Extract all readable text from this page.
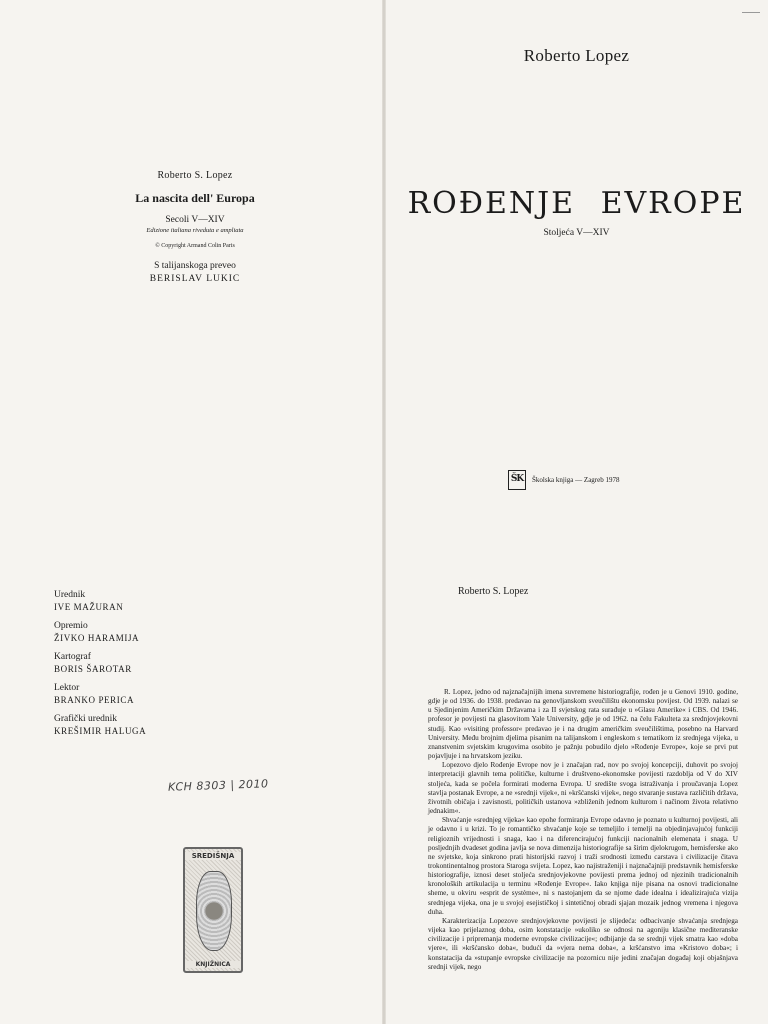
Roberto S. Lopez

La nascita dell' Europa

Secoli V—XIV

Edizione italiana riveduta e ampliata

© Copyright Armand Colin Paris

S talijanskoga preveo

BERISLAV LUKIC

Urednik
IVE MAŽURAN
Opremio
ŽIVKO HARAMIJA
Kartograf
BORIS ŠAROTAR
Lektor
BRANKO PERICA
Grafički urednik
KREŠIMIR HALUGA
KCH 8303 | 2010
SREDIŠNJA
KNJIŽNICA

Roberto Lopez

ROĐENJE EVROPE

Stoljeća V—XIV

ŠK	Školska knjiga — Zagreb 1978

Roberto S. Lopez

R. Lopez, jedno od najznačajnijih imena suvremene historiografije, rođen je u Genovi 1910. godine, gdje je od 1936. do 1938. predavao na genovljanskom sveučilištu ekonomsku povijest. Od 1939. nalazi se u Sjedinjenim Američkim Državama i za II svjetskog rata surađuje u »Glasu Amerike« i CBS. Od 1946. profesor je povijesti na glasovitom Yale University, gdje je od 1962. na čelu Fakulteta za srednjovjekovni studij. Kao »visiting professor« predavao je i na drugim američkim sveučilištima, posebno na Harvard University. Među brojnim djelima pisanim na talijanskom i engleskom s tematikom iz srednjega vijeka, u znanstvenim svjetskim krugovima osobito je pažnju pobudilo djelo »Rođenje Evrope«, koje se prvi put pojavljuje i na hrvatskom jeziku.

Lopezovo djelo Rođenje Evrope nov je i značajan rad, nov po svojoj koncepciji, duhovit po svojoj interpretaciji glavnih tema političke, kulturne i društveno-ekonomske povijesti razdoblja od V do XIV stoljeća, kada se počela formirati moderna Evropa. U središte svoga istraživanja i proučavanja Lopez stavlja postanak Evrope, a ne »srednji vijek«, ni »kršćanski vijek«, nego stvaranje sustava različitih država, životnih običaja i zavisnosti, političkih ustanova »zbliženih jednom kulturom i načinom života relativno jednakim«.

Shvaćanje »srednjeg vijeka« kao epohe formiranja Evrope odavno je poznato u kulturnoj povijesti, ali je odavno i u krizi. To je romantičko shvaćanje koje se temeljilo i temelji na objedinjavajućoj funkciji religioznih vrijednosti i snaga, kao i na diferencirajućoj funkciji nacionalnih elemenata i snaga. U posljednjih dvadeset godina javlja se nova dimenzija historiografije sa širim djelokrugom, hemisferske ako ne svjetske, koja sinkrono prati historijski razvoj i traži srodnosti između carstava i civilizacije čitava trokontinentalnog prostora Staroga svijeta. Lopez, kao najistraženiji i najznačajniji predstavnik hemisferske historiografije, iznosi deset stoljeća srednjovjekovne povijesti prema jednoj od njezinih tradicionalnih kronoloških artikulacija u terminu »Rođenje Evrope«. Iako knjiga nije pisana na osnovi tradicionalne sheme, u okviru »esprit de système«, ni s nastojanjem da se njome dade idealna i idealizirajuća vizija srednjega vijeka, ona je u svojoj esejističkoj i sintetičnoj obradi sjajan mozaik jednog vremena i njegova duha.

Karakterizacija Lopezove srednjovjekovne povijesti je slijedeća: odbacivanje shvaćanja srednjega vijeka kao prijelaznog doba, osim konstatacije »ukoliko se odnosi na agoniju klasične mediteranske civilizacije i pripremanja moderne evropske civilizacije«; odbijanje da se srednji vijek smatra kao »doba vjere«, ili »kršćansko doba«, budući da »vjera nema doba«, a kršćanstvo ima »Kristovo doba«; i konstatacija da »stupanje evropske civilizacije na pozornicu nije jedini značajan događaj koji objašnjava srednji vijek, nego
